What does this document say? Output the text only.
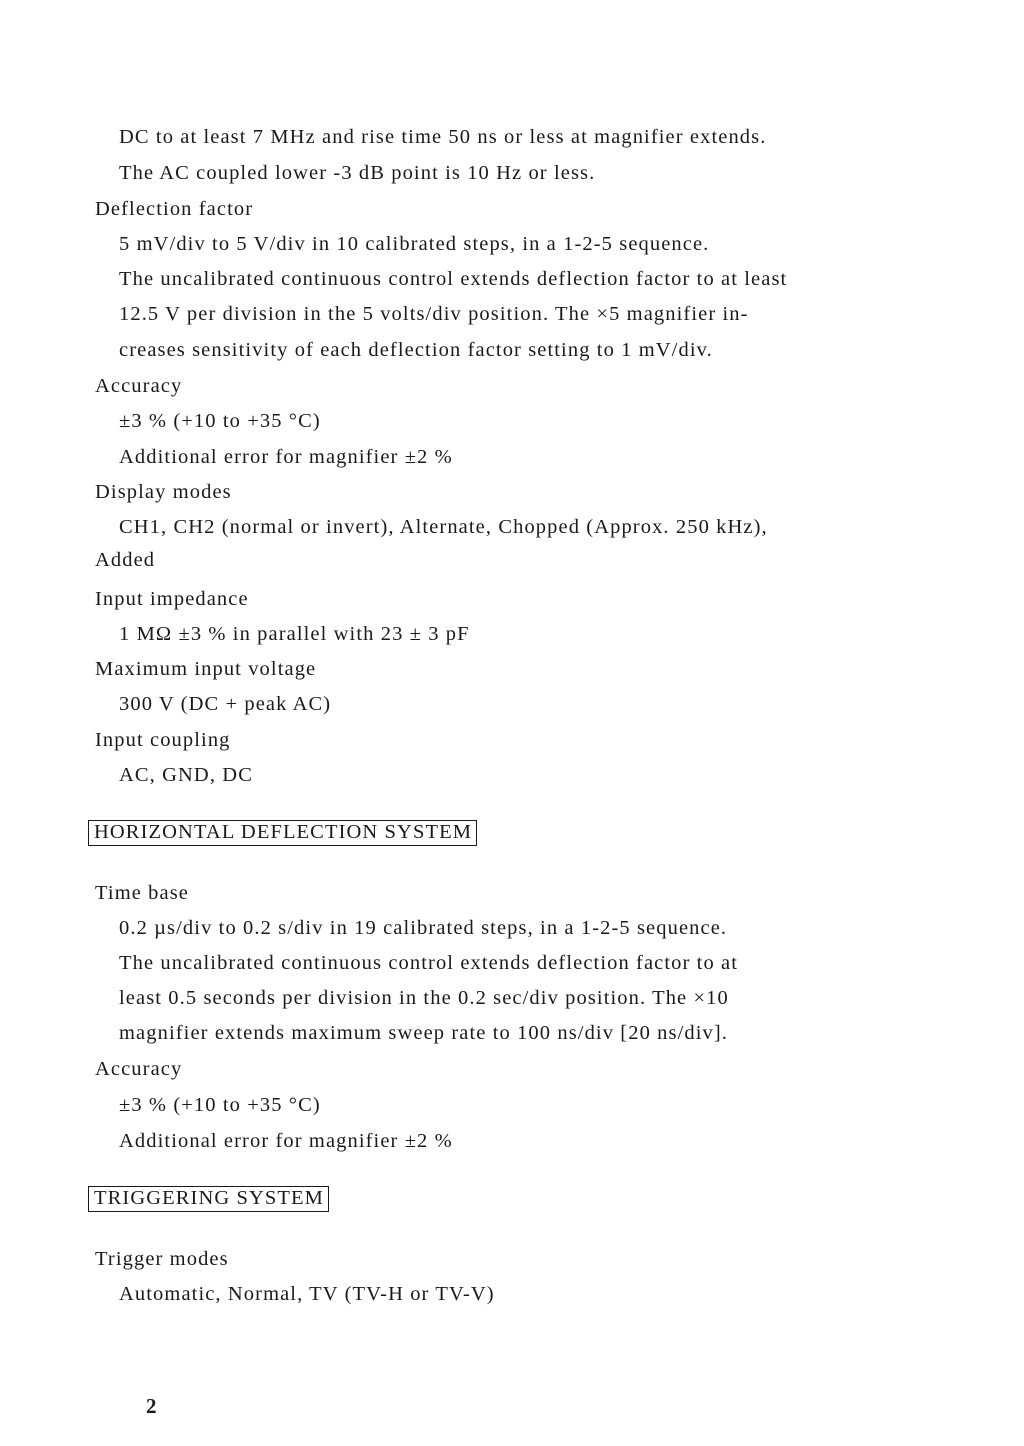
DC to at least 7 MHz and rise time 50 ns or less at magnifier extends.
The AC coupled lower -3 dB point is 10 Hz or less.
Deflection factor
5 mV/div to 5 V/div in 10 calibrated steps, in a 1-2-5 sequence.
The uncalibrated continuous control extends deflection factor to at least
12.5 V per division in the 5 volts/div position. The ×5 magnifier in-
creases sensitivity of each deflection factor setting to 1 mV/div.
Accuracy
±3 % (+10 to +35 °C)
Additional error for magnifier ±2 %
Display modes
CH1, CH2 (normal or invert), Alternate, Chopped (Approx. 250 kHz),
Added
Input impedance
1 MΩ ±3 % in parallel with 23 ± 3 pF
Maximum input voltage
300 V (DC + peak AC)
Input coupling
AC, GND, DC
HORIZONTAL DEFLECTION SYSTEM
Time base
0.2 µs/div to 0.2 s/div in 19 calibrated steps, in a 1-2-5 sequence.
The uncalibrated continuous control extends deflection factor to at
least 0.5 seconds per division in the 0.2 sec/div position. The ×10
magnifier extends maximum sweep rate to 100 ns/div [20 ns/div].
Accuracy
±3 % (+10 to +35 °C)
Additional error for magnifier ±2 %
TRIGGERING SYSTEM
Trigger modes
Automatic, Normal, TV (TV-H or TV-V)
2
